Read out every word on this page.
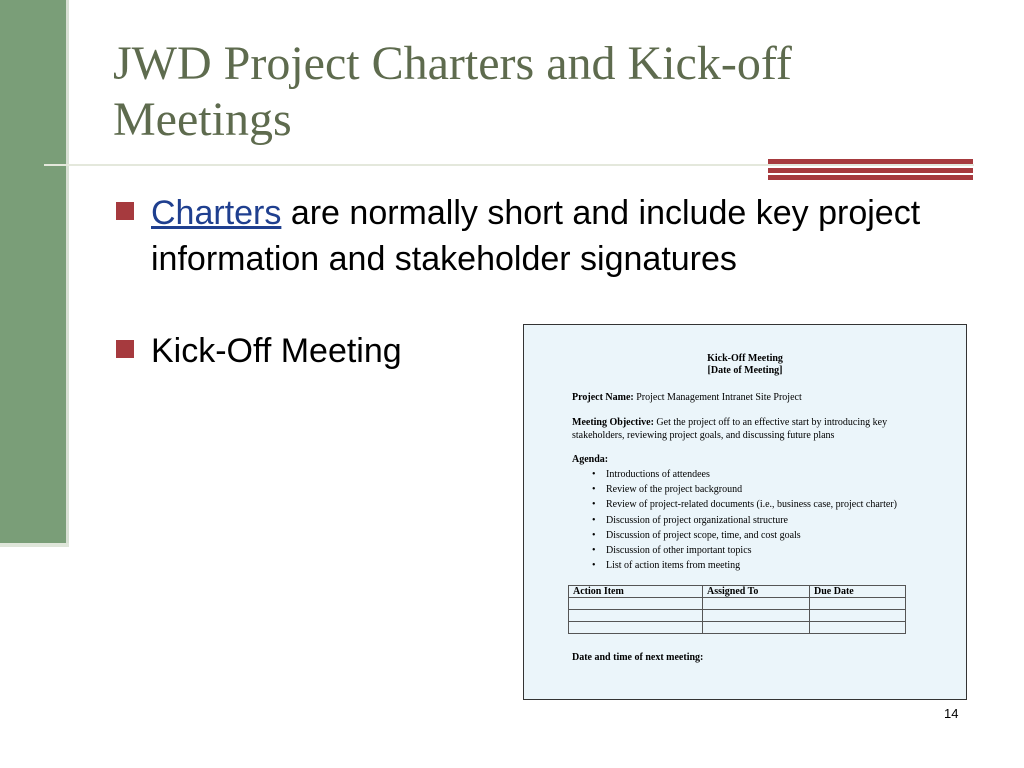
JWD Project Charters and Kick-off Meetings
Charters are normally short and include key project information and stakeholder signatures
Kick-Off Meeting	Kick-Off Meeting
[Date of Meeting]
Project Name: Project Management Intranet Site Project
Meeting Objective: Get the project off to an effective start by introducing key stakeholders, reviewing project goals, and discussing future plans
Agenda:
• Introductions of attendees
• Review of the project background
• Review of project-related documents (i.e., business case, project charter)
• Discussion of project organizational structure
• Discussion of project scope, time, and cost goals
• Discussion of other important topics
• List of action items from meeting
Action Item	Assigned To	Due Date

Date and time of next meeting:
14
